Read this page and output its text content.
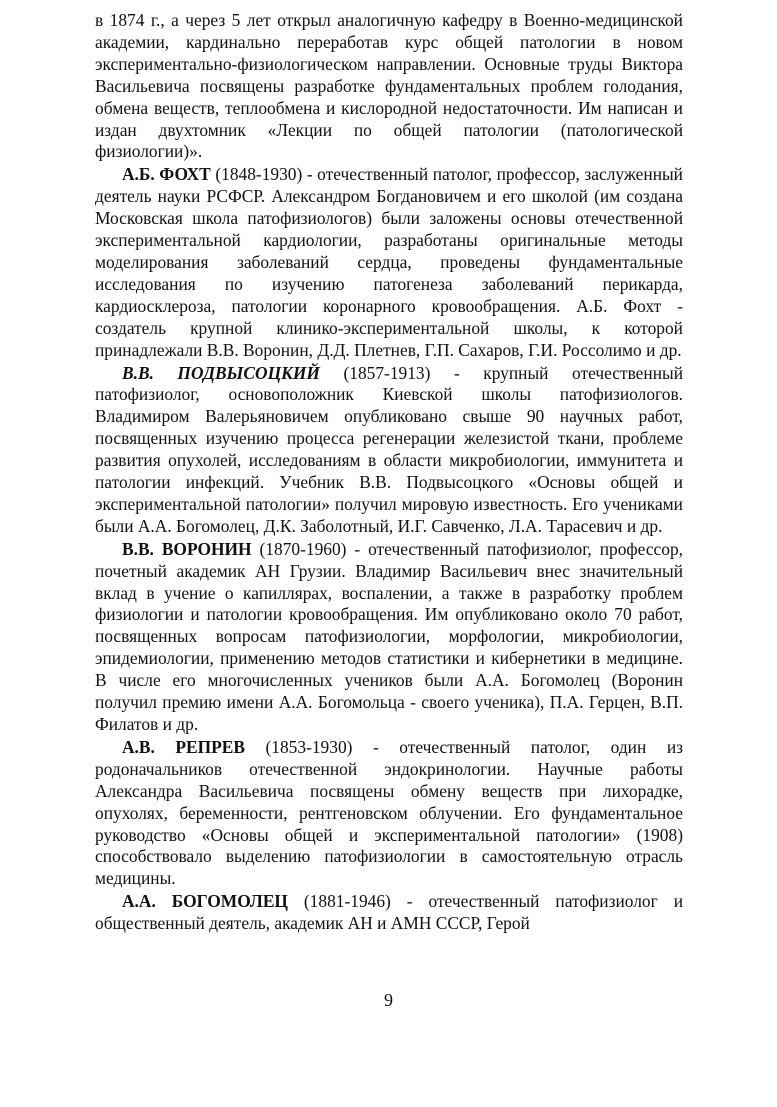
в 1874 г., а через 5 лет открыл аналогичную кафедру в Военно-медицинской академии, кардинально переработав курс общей патологии в новом экспериментально-физиологическом направлении. Основные труды Виктора Васильевича посвящены разработке фундаментальных проблем голодания, обмена веществ, теплообмена и кислородной недостаточности. Им написан и издан двухтомник «Лекции по общей патологии (патологической физиологии)».

А.Б. ФОХТ (1848-1930) - отечественный патолог, профессор, заслуженный деятель науки РСФСР. Александром Богдановичем и его школой (им создана Московская школа патофизиологов) были заложены основы отечественной экспериментальной кардиологии, разработаны оригинальные методы моделирования заболеваний сердца, проведены фундаментальные исследования по изучению патогенеза заболеваний перикарда, кардиосклероза, патологии коронарного кровообращения. А.Б. Фохт - создатель крупной клинико-экспериментальной школы, к которой принадлежали В.В. Воронин, Д.Д. Плетнев, Г.П. Сахаров, Г.И. Россолимо и др.

В.В. ПОДВЫСОЦКИЙ (1857-1913) - крупный отечественный патофизиолог, основоположник Киевской школы патофизиологов. Владимиром Валерьяновичем опубликовано свыше 90 научных работ, посвященных изучению процесса регенерации железистой ткани, проблеме развития опухолей, исследованиям в области микробиологии, иммунитета и патологии инфекций. Учебник В.В. Подвысоцкого «Основы общей и экспериментальной патологии» получил мировую известность. Его учениками были А.А. Богомолец, Д.К. Заболотный, И.Г. Савченко, Л.А. Тарасевич и др.

В.В. ВОРОНИН (1870-1960) - отечественный патофизиолог, профессор, почетный академик АН Грузии. Владимир Васильевич внес значительный вклад в учение о капиллярах, воспалении, а также в разработку проблем физиологии и патологии кровообращения. Им опубликовано около 70 работ, посвященных вопросам патофизиологии, морфологии, микробиологии, эпидемиологии, применению методов статистики и кибернетики в медицине. В числе его многочисленных учеников были А.А. Богомолец (Воронин получил премию имени А.А. Богомольца - своего ученика), П.А. Герцен, В.П. Филатов и др.

А.В. РЕПРЕВ (1853-1930) - отечественный патолог, один из родоначальников отечественной эндокринологии. Научные работы Александра Васильевича посвящены обмену веществ при лихорадке, опухолях, беременности, рентгеновском облучении. Его фундаментальное руководство «Основы общей и экспериментальной патологии» (1908) способствовало выделению патофизиологии в самостоятельную отрасль медицины.

А.А. БОГОМОЛЕЦ (1881-1946) - отечественный патофизиолог и общественный деятель, академик АН и АМН СССР, Герой

9
